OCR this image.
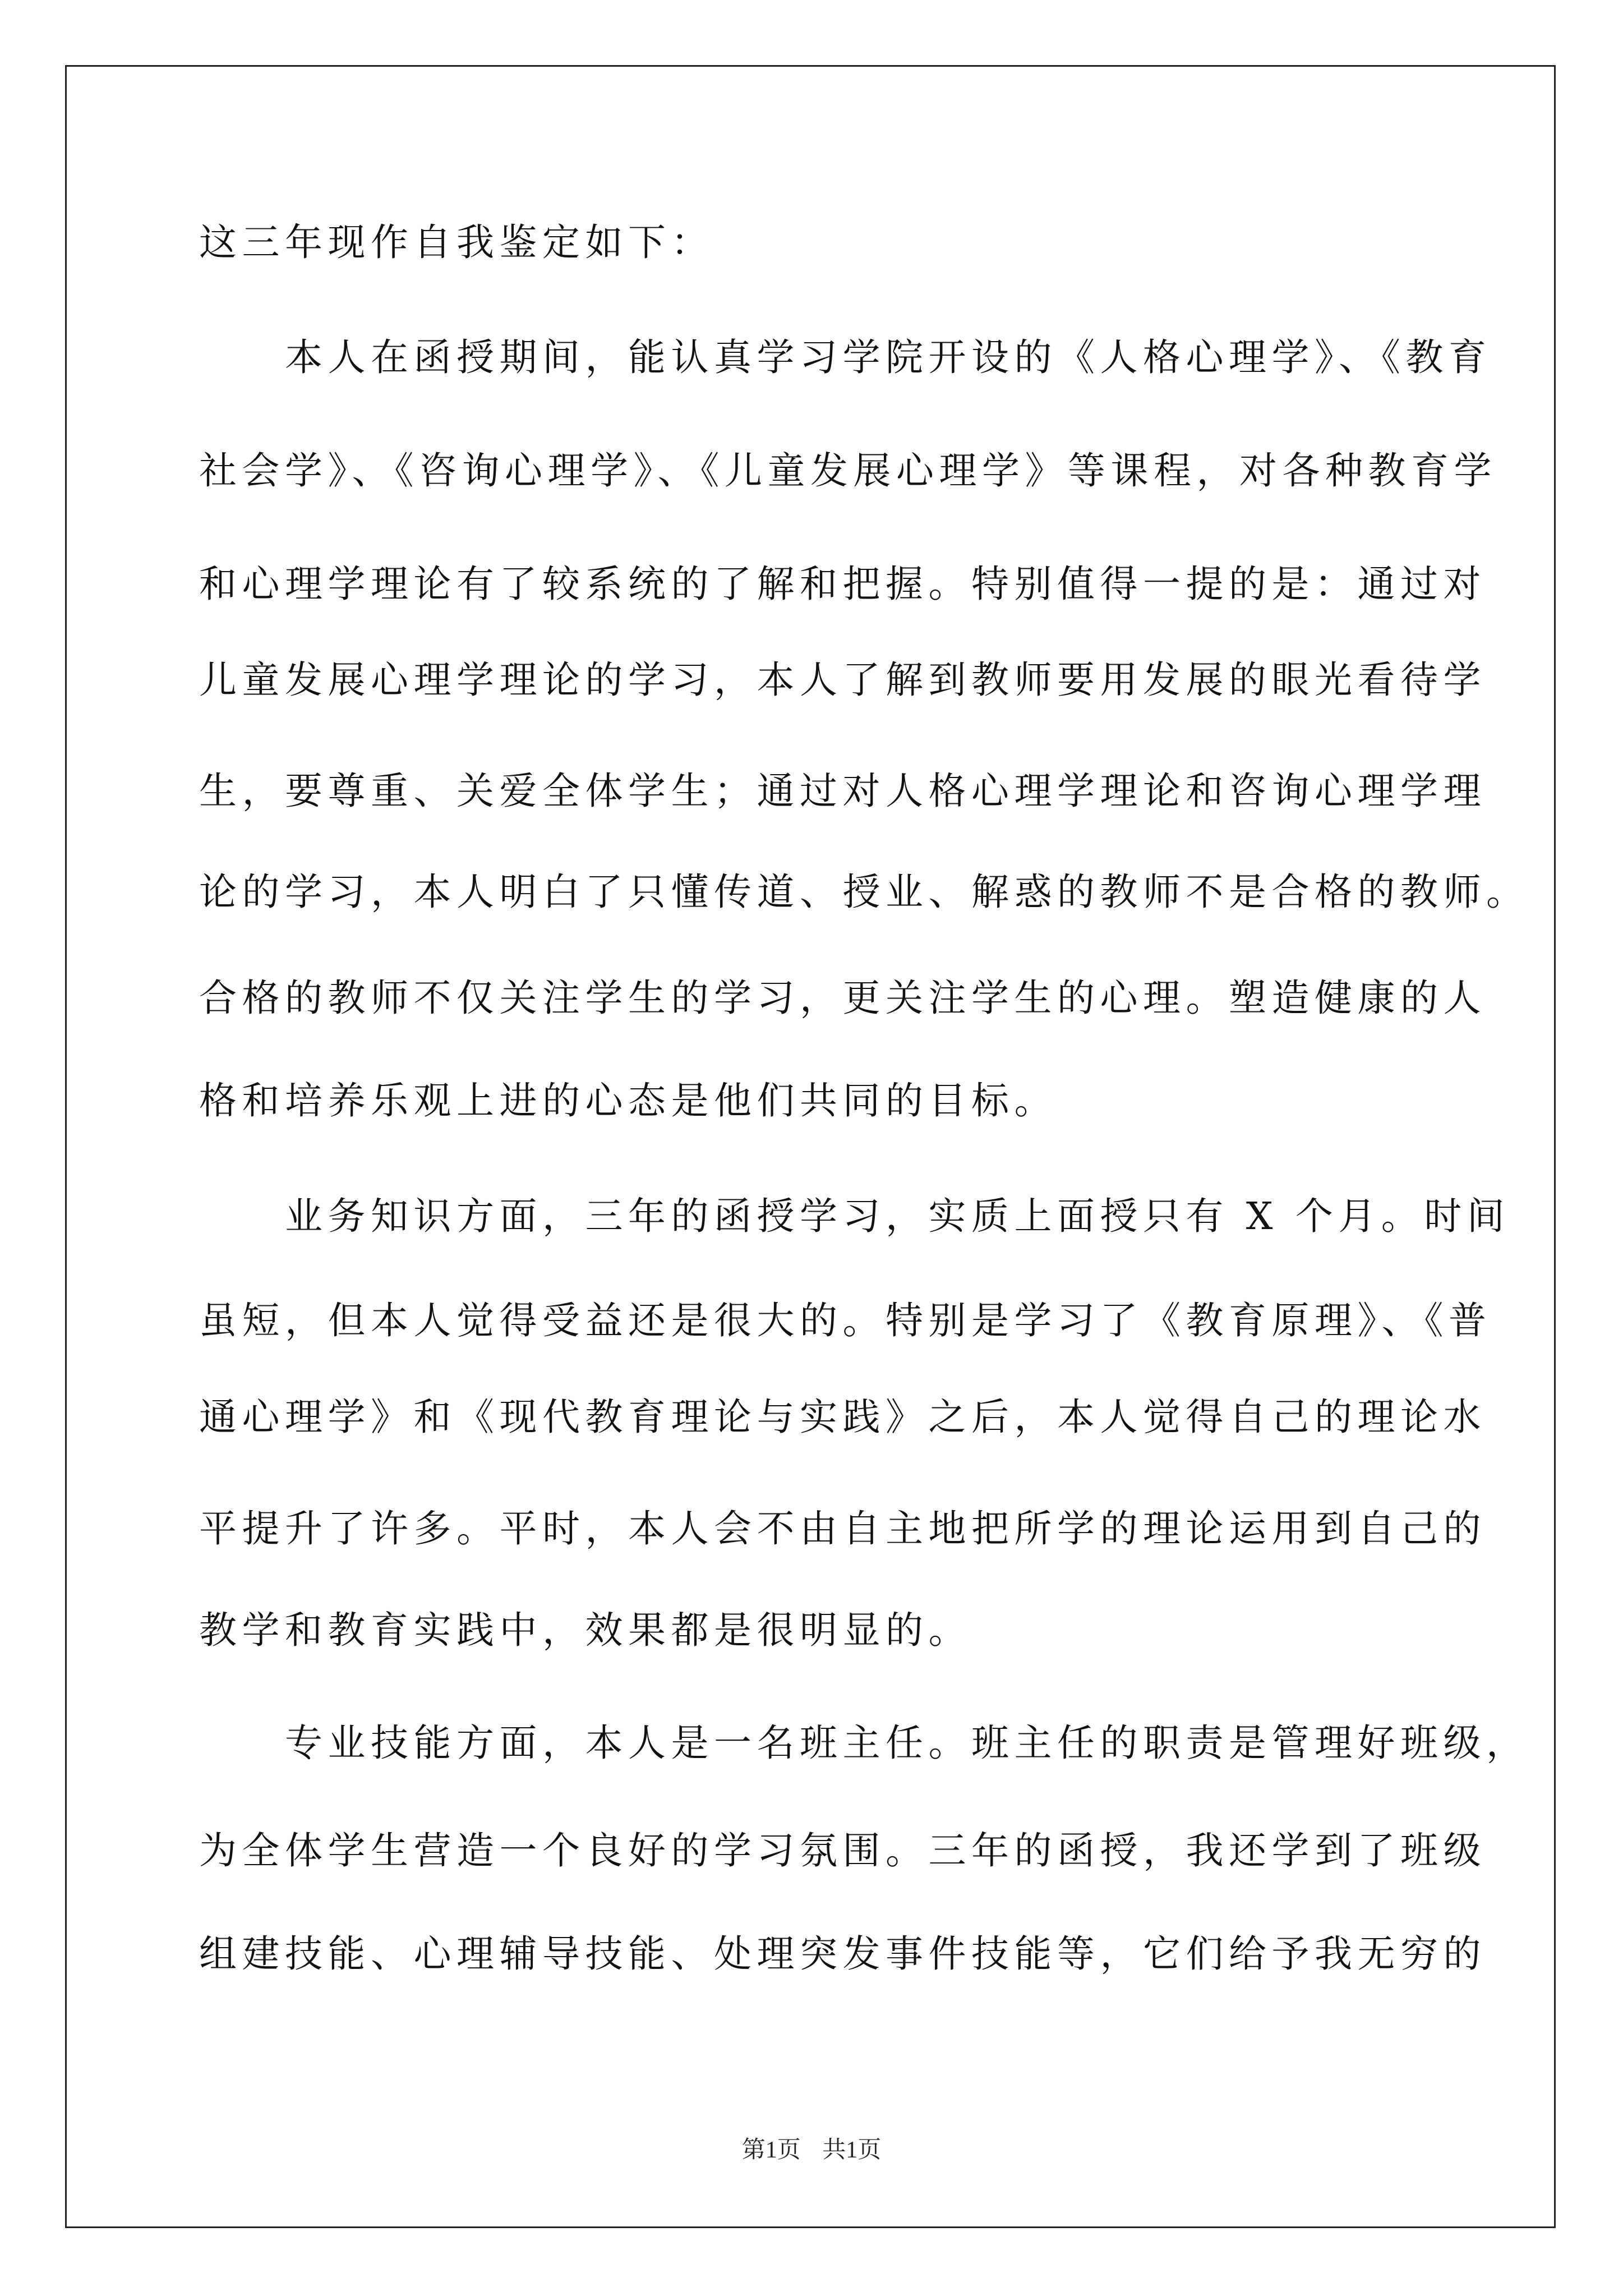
这三年现作自我鉴定如下：
　　本人在函授期间，能认真学习学院开设的《人格心理学》、《教育
社会学》、《咨询心理学》、《儿童发展心理学》等课程，对各种教育学
和心理学理论有了较系统的了解和把握。特别值得一提的是：通过对
儿童发展心理学理论的学习，本人了解到教师要用发展的眼光看待学
生，要尊重、关爱全体学生；通过对人格心理学理论和咨询心理学理
论的学习，本人明白了只懂传道、授业、解惑的教师不是合格的教师。
合格的教师不仅关注学生的学习，更关注学生的心理。塑造健康的人
格和培养乐观上进的心态是他们共同的目标。
　　业务知识方面，三年的函授学习，实质上面授只有 X 个月。时间
虽短，但本人觉得受益还是很大的。特别是学习了《教育原理》、《普
通心理学》和《现代教育理论与实践》之后，本人觉得自己的理论水
平提升了许多。平时，本人会不由自主地把所学的理论运用到自己的
教学和教育实践中，效果都是很明显的。
　　专业技能方面，本人是一名班主任。班主任的职责是管理好班级，
为全体学生营造一个良好的学习氛围。三年的函授，我还学到了班级
组建技能、心理辅导技能、处理突发事件技能等，它们给予我无穷的
第1页 共1页
